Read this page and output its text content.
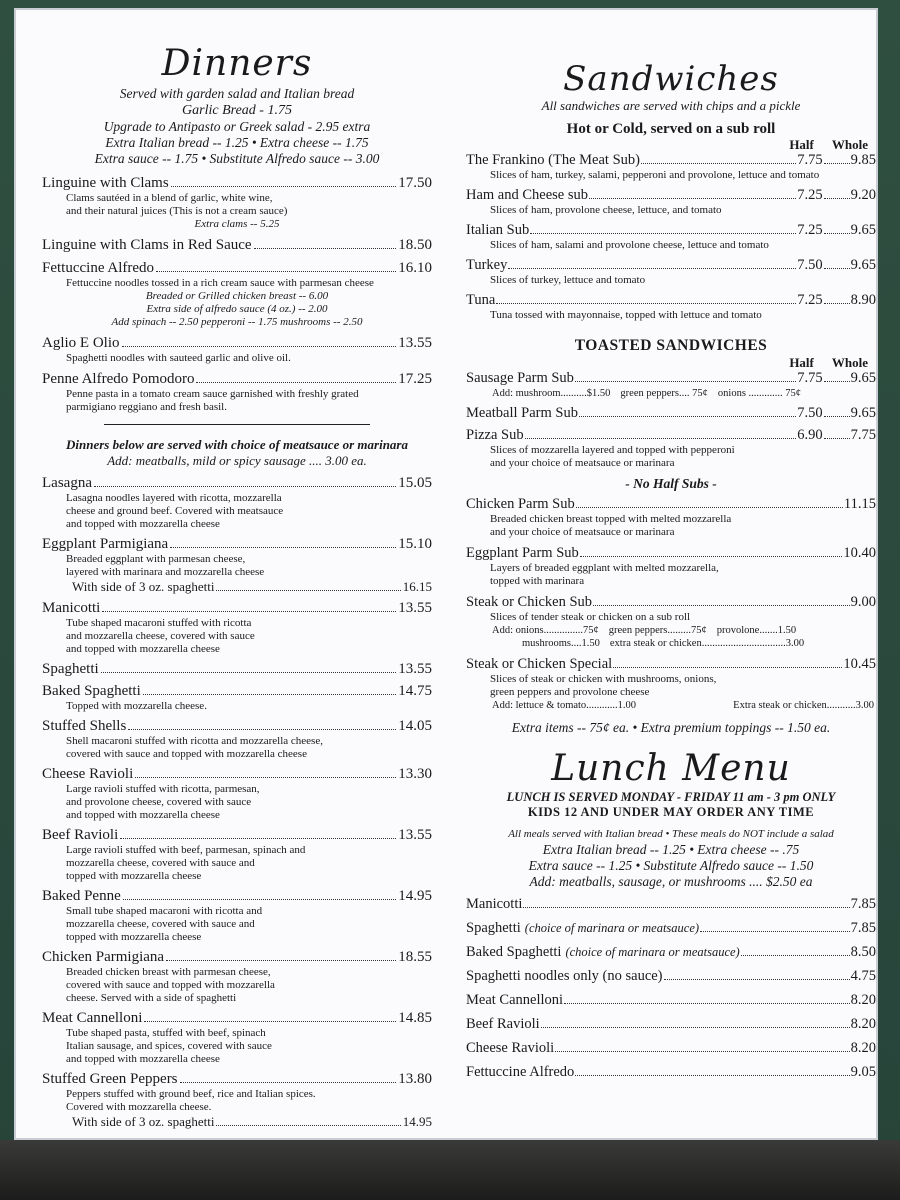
Dinners
Served with garden salad and Italian bread
Garlic Bread - 1.75
Upgrade to Antipasto or Greek salad - 2.95 extra
Extra Italian bread -- 1.25 • Extra cheese -- 1.75
Extra sauce -- 1.75 • Substitute Alfredo sauce -- 3.00
Linguine with Clams	17.50
Clams sautéed in a blend of garlic, white wine,
and their natural juices (This is not a cream sauce)
Extra clams -- 5.25
Linguine with Clams in Red Sauce	18.50
Fettuccine Alfredo	16.10
Fettuccine noodles tossed in a rich cream sauce with parmesan cheese
Breaded or Grilled chicken breast -- 6.00
Extra side of alfredo sauce (4 oz.) -- 2.00
Add spinach -- 2.50 pepperoni -- 1.75 mushrooms -- 2.50
Aglio E Olio	13.55
Spaghetti noodles with sauteed garlic and olive oil.
Penne Alfredo Pomodoro	17.25
Penne pasta in a tomato cream sauce garnished with freshly grated
parmigiano reggiano and fresh basil.
Dinners below are served with choice of meatsauce or marinara
Add: meatballs, mild or spicy sausage .... 3.00 ea.
Lasagna	15.05
Lasagna noodles layered with ricotta, mozzarella
cheese and ground beef. Covered with meatsauce
and topped with mozzarella cheese
Eggplant Parmigiana	15.10
Breaded eggplant with parmesan cheese,
layered with marinara and mozzarella cheese
With side of 3 oz. spaghetti	16.15
Manicotti	13.55
Tube shaped macaroni stuffed with ricotta
and mozzarella cheese, covered with sauce
and topped with mozzarella cheese
Spaghetti	13.55
Baked Spaghetti	14.75
Topped with mozzarella cheese.
Stuffed Shells	14.05
Shell macaroni stuffed with ricotta and mozzarella cheese,
covered with sauce and topped with mozzarella cheese
Cheese Ravioli	13.30
Large ravioli stuffed with ricotta, parmesan,
and provolone cheese, covered with sauce
and topped with mozzarella cheese
Beef Ravioli	13.55
Large ravioli stuffed with beef, parmesan, spinach and
mozzarella cheese, covered with sauce and
topped with mozzarella cheese
Baked Penne	14.95
Small tube shaped macaroni with ricotta and
mozzarella cheese, covered with sauce and
topped with mozzarella cheese
Chicken Parmigiana	18.55
Breaded chicken breast with parmesan cheese,
covered with sauce and topped with mozzarella
cheese. Served with a side of spaghetti
Meat Cannelloni	14.85
Tube shaped pasta, stuffed with beef, spinach
Italian sausage, and spices, covered with sauce
and topped with mozzarella cheese
Stuffed Green Peppers	13.80
Peppers stuffed with ground beef, rice and Italian spices.
Covered with mozzarella cheese.
With side of 3 oz. spaghetti	14.95
Sandwiches
All sandwiches are served with chips and a pickle
Hot or Cold, served on a sub roll
Half Whole
The Frankino (The Meat Sub)	7.75 9.85
Slices of ham, turkey, salami, pepperoni and provolone, lettuce and tomato
Ham and Cheese sub	7.25 9.20
Slices of ham, provolone cheese, lettuce, and tomato
Italian Sub	7.25 9.65
Slices of ham, salami and provolone cheese, lettuce and tomato
Turkey	7.50 9.65
Slices of turkey, lettuce and tomato
Tuna	7.25 8.90
Tuna tossed with mayonnaise, topped with lettuce and tomato
TOASTED SANDWICHES
Half Whole
Sausage Parm Sub	7.75 9.65
Add: mushroom..........$1.50 green peppers.... 75¢ onions ............. 75¢
Meatball Parm Sub	7.50 9.65
Pizza Sub	6.90 7.75
Slices of mozzarella layered and topped with pepperoni
and your choice of meatsauce or marinara
- No Half Subs -
Chicken Parm Sub	11.15
Breaded chicken breast topped with melted mozzarella
and your choice of meatsauce or marinara
Eggplant Parm Sub	10.40
Layers of breaded eggplant with melted mozzarella,
topped with marinara
Steak or Chicken Sub	9.00
Slices of tender steak or chicken on a sub roll
Add: onions...............75¢ green peppers.........75¢ provolone.......1.50
mushrooms....1.50 extra steak or chicken................................3.00
Steak or Chicken Special	10.45
Slices of steak or chicken with mushrooms, onions,
green peppers and provolone cheese
Add: lettuce & tomato............1.00	Extra steak or chicken...........3.00
Extra items -- 75¢ ea. • Extra premium toppings -- 1.50 ea.
Lunch Menu
LUNCH IS SERVED MONDAY - FRIDAY 11 am - 3 pm ONLY
KIDS 12 AND UNDER MAY ORDER ANY TIME
All meals served with Italian bread • These meals do NOT include a salad
Extra Italian bread -- 1.25 • Extra cheese -- .75
Extra sauce -- 1.25 • Substitute Alfredo sauce -- 1.50
Add: meatballs, sausage, or mushrooms .... $2.50 ea
Manicotti	7.85
Spaghetti (choice of marinara or meatsauce)	7.85
Baked Spaghetti (choice of marinara or meatsauce)	8.50
Spaghetti noodles only (no sauce)	4.75
Meat Cannelloni	8.20
Beef Ravioli	8.20
Cheese Ravioli	8.20
Fettuccine Alfredo	9.05
